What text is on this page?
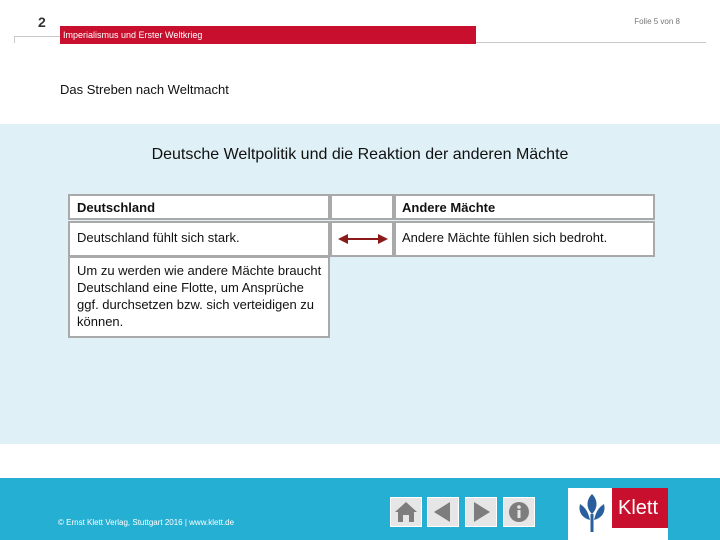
2	Folie 5 von 8
Imperialismus und Erster Weltkrieg
Das Streben nach Weltmacht
Deutsche Weltpolitik und die Reaktion der anderen Mächte
Deutschland	Andere Mächte
Deutschland fühlt sich stark.	Andere Mächte fühlen sich bedroht.
Um zu werden wie andere Mächte braucht Deutschland eine Flotte, um Ansprüche ggf. durchsetzen bzw. sich verteidigen zu können.
© Ernst Klett Verlag, Stuttgart 2016 | www.klett.de
Klett
